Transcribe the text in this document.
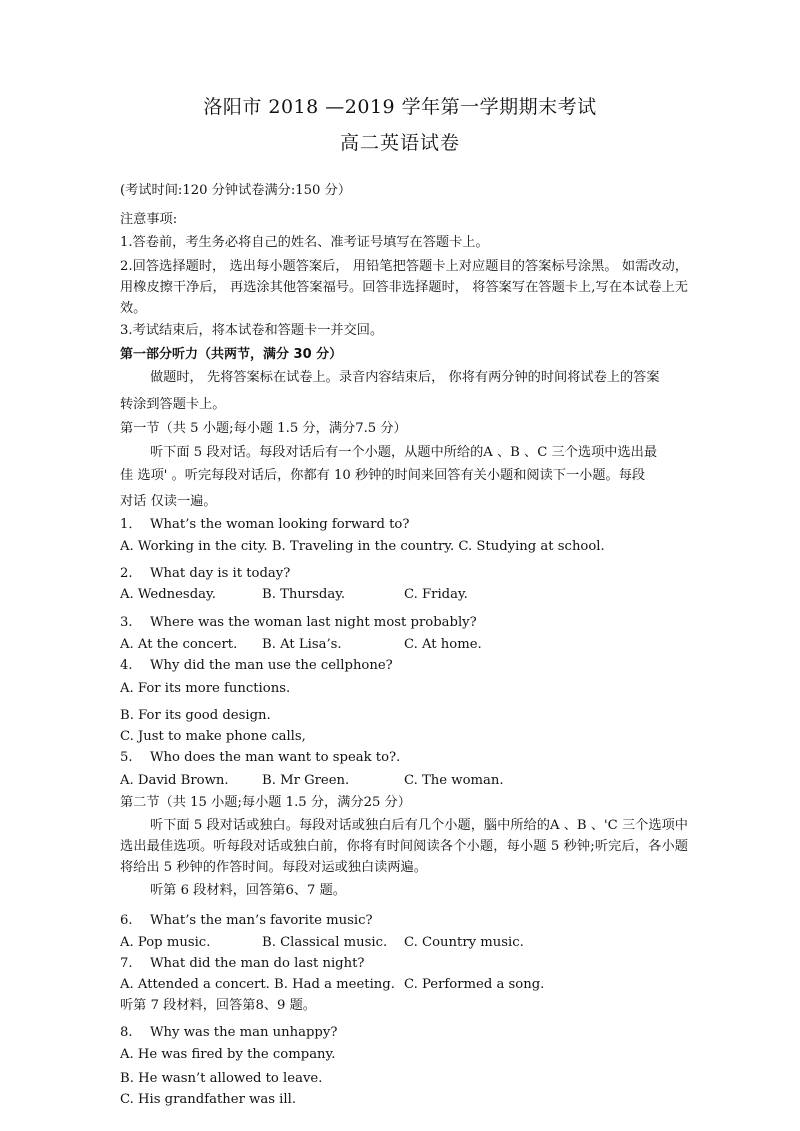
洛阳市 2018 —2019 学年第一学期期末考试
高二英语试卷
(考试时间:120 分钟试卷满分:150 分）
注意事项:
1.答卷前，考生务必将自己的姓名、准考证号填写在答题卡上。
2.回答选择题时， 选出每小题答案后， 用铅笔把答题卡上对应题目的答案标号涂黑。 如需改动， 用橡皮擦干净后， 再选涂其他答案福号。回答非选择题时， 将答案写在答题卡上,写在本试卷上无效。
3.考试结束后，将本试卷和答题卡一并交回。
第一部分听力（共两节，满分 30 分）
做题时， 先将答案标在试卷上。录音内容结束后， 你将有两分钟的时间将试卷上的答案
转涂到答题卡上。
第一节（共 5 小题;每小题 1.5 分，满分7.5 分）
听下面 5 段对话。每段对话后有一个小题，从题中所给的A 、B 、C 三个选项中选出最
佳 选项' 。听完每段对话后，你都有 10 秒钟的时间来回答有关小题和阅读下一小题。每段
对话 仅读一遍。
1． What’s the woman looking forward to?
A. Working in the city. B. Traveling in the country. C. Studying at school.
2. What day is it today?
A. Wednesday.	B. Thursday.	C. Friday.
3. Where was the woman last night most probably?
A. At the concert. B. At Lisa’s.	C. At home.
4. Why did the man use the cellphone?
A. For its more functions.
B. For its good design.
C. Just to make phone calls,
5. Who does the man want to speak to?.
A. David Brown.	B. Mr Green.	C. The woman.
第二节（共 15 小题;每小题 1.5 分，满分25 分）
听下面 5 段对话或独白。每段对话或独白后有几个小题，腦中所给的A 、B 、'C 三个选项中选出最佳选项。听每段对话或独白前，你将有时间阅读各个小题，每小题 5 秒钟;听完后，各小题将给出 5 秒钟的作答时间。每段对运或独白读两遍。
听第 6 段材料，回答第6、7 题。
6. What’s the man’s favorite music?
A. Pop music.	B. Classical music. C. Country music.
7. What did the man do last night?
A. Attended a concert. B. Had a meeting. C. Performed a song.
听第 7 段材料，回答第8、9 题。
8. Why was the man unhappy?
A. He was fired by the company.
B. He wasn’t allowed to leave.
C. His grandfather was ill.
